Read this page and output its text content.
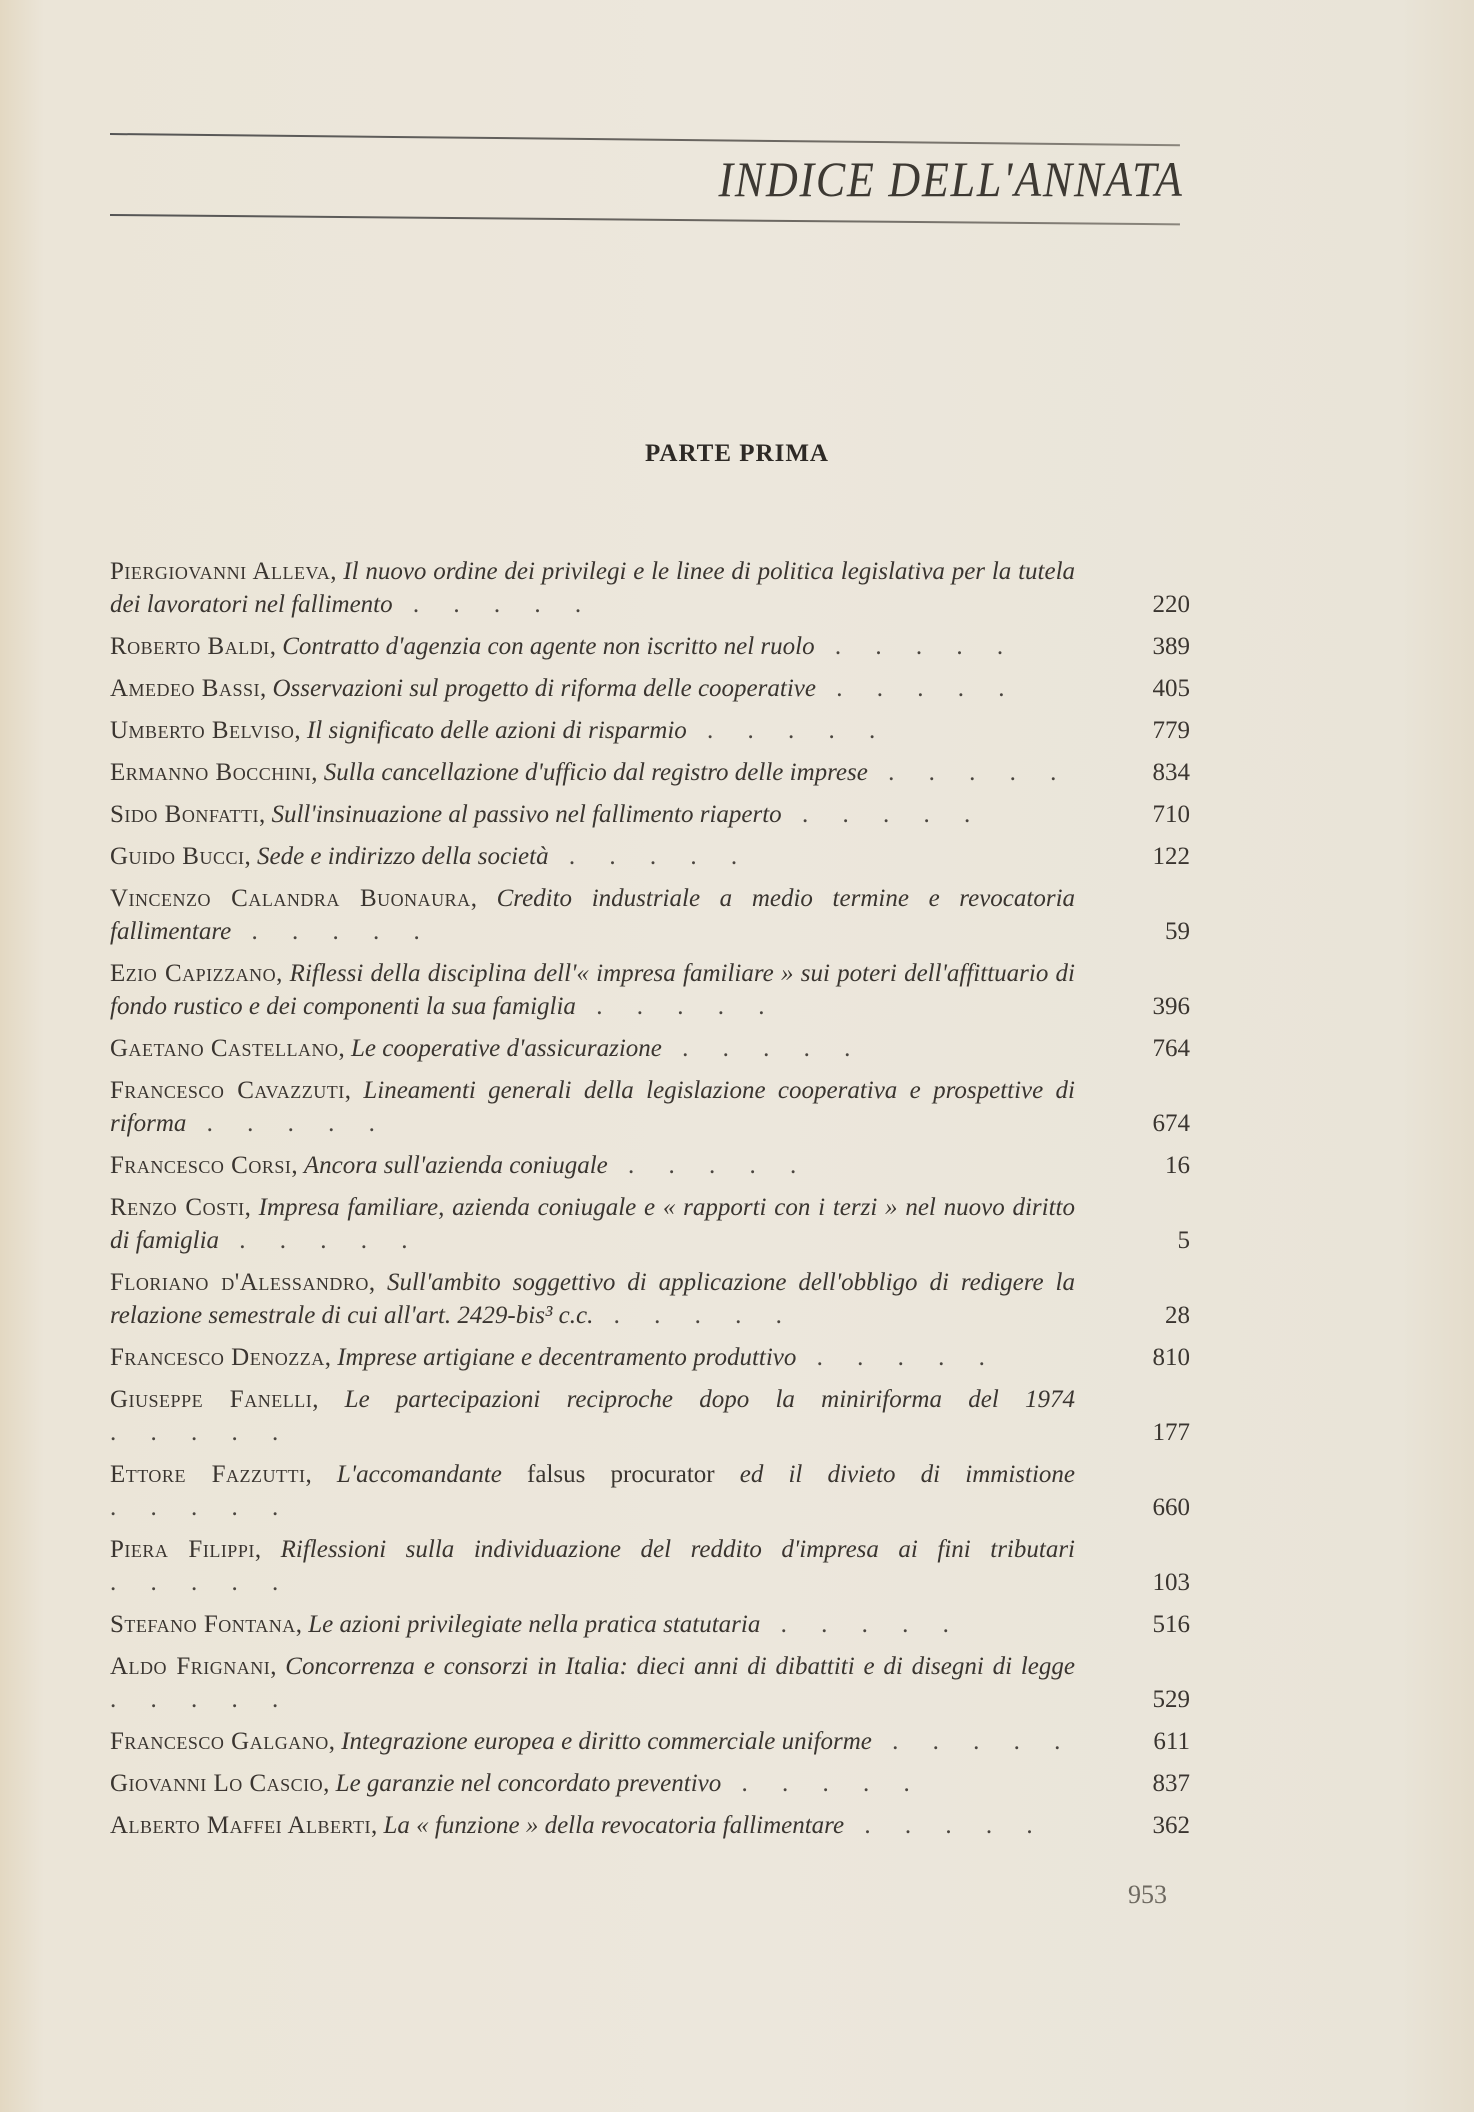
INDICE DELL'ANNATA
PARTE PRIMA
Piergiovanni Alleva, Il nuovo ordine dei privilegi e le linee di politica legislativa per la tutela dei lavoratori nel fallimento . . . . .	220
Roberto Baldi, Contratto d'agenzia con agente non iscritto nel ruolo . . . . .	389
Amedeo Bassi, Osservazioni sul progetto di riforma delle cooperative . . . . .	405
Umberto Belviso, Il significato delle azioni di risparmio . . . . .	779
Ermanno Bocchini, Sulla cancellazione d'ufficio dal registro delle imprese . . . . .	834
Sido Bonfatti, Sull'insinuazione al passivo nel fallimento riaperto . . . . .	710
Guido Bucci, Sede e indirizzo della società . . . . .	122
Vincenzo Calandra Buonaura, Credito industriale a medio termine e revocatoria fallimentare . . . . .	59
Ezio Capizzano, Riflessi della disciplina dell'« impresa familiare » sui poteri dell'affittuario di fondo rustico e dei componenti la sua famiglia . . . . .	396
Gaetano Castellano, Le cooperative d'assicurazione . . . . .	764
Francesco Cavazzuti, Lineamenti generali della legislazione cooperativa e prospettive di riforma . . . . .	674
Francesco Corsi, Ancora sull'azienda coniugale . . . . .	16
Renzo Costi, Impresa familiare, azienda coniugale e « rapporti con i terzi » nel nuovo diritto di famiglia . . . . .	5
Floriano d'Alessandro, Sull'ambito soggettivo di applicazione dell'obbligo di redigere la relazione semestrale di cui all'art. 2429-bis³ c.c. . . . . .	28
Francesco Denozza, Imprese artigiane e decentramento produttivo . . . . .	810
Giuseppe Fanelli, Le partecipazioni reciproche dopo la miniriforma del 1974 . . . . .	177
Ettore Fazzutti, L'accomandante falsus procurator ed il divieto di immistione . . . . .	660
Piera Filippi, Riflessioni sulla individuazione del reddito d'impresa ai fini tributari . . . . .	103
Stefano Fontana, Le azioni privilegiate nella pratica statutaria . . . . .	516
Aldo Frignani, Concorrenza e consorzi in Italia: dieci anni di dibattiti e di disegni di legge . . . . .	529
Francesco Galgano, Integrazione europea e diritto commerciale uniforme . . . . .	611
Giovanni Lo Cascio, Le garanzie nel concordato preventivo . . . . .	837
Alberto Maffei Alberti, La « funzione » della revocatoria fallimentare . . . . .	362
953
